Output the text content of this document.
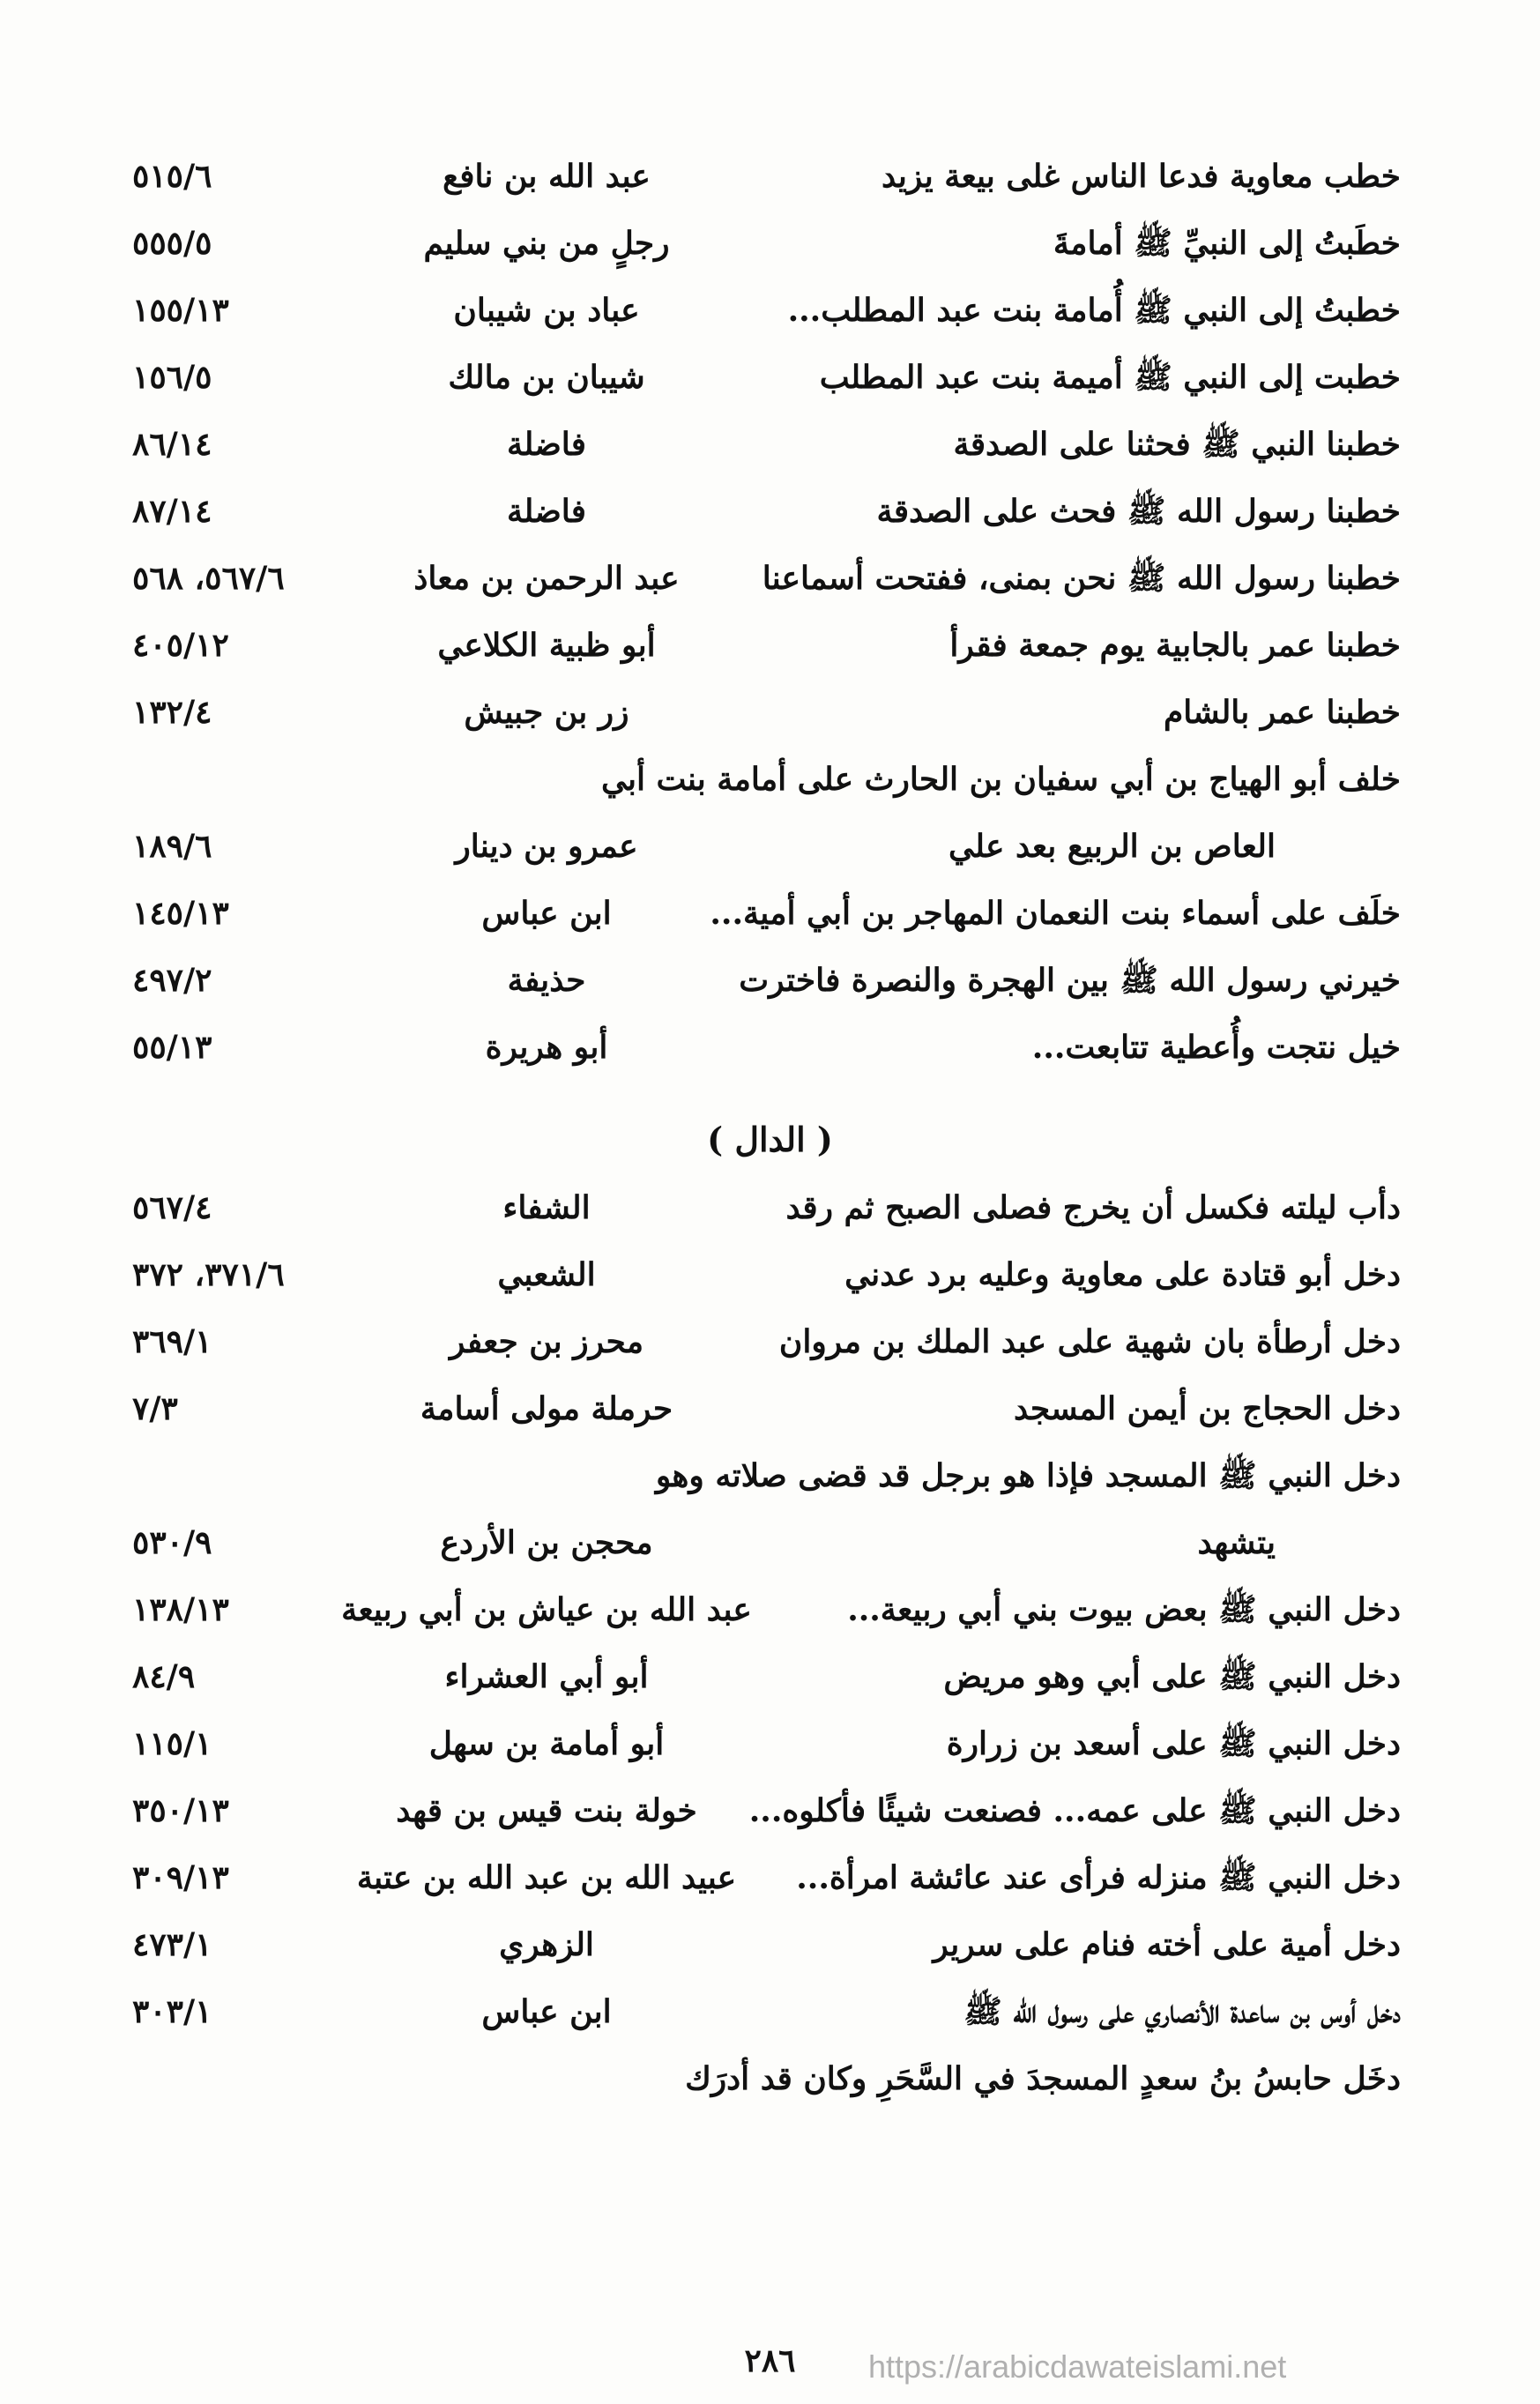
خطب معاوية فدعا الناس غلى بيعة يزيد
عبد الله بن نافع
٥١٥/٦
خطَبتُ إلى النبيِّ ﷺ أمامةَ
رجلٍ من بني سليم
٥٥٥/٥
خطبتُ إلى النبي ﷺ أُمامة بنت عبد المطلب...
عباد بن شيبان
١٥٥/١٣
خطبت إلى النبي ﷺ أميمة بنت عبد المطلب
شيبان بن مالك
١٥٦/٥
خطبنا النبي ﷺ فحثنا على الصدقة
فاضلة
٨٦/١٤
خطبنا رسول الله ﷺ فحث على الصدقة
فاضلة
٨٧/١٤
خطبنا رسول الله ﷺ نحن بمنى، ففتحت أسماعنا
عبد الرحمن بن معاذ
٥٦٧/٦، ٥٦٨
خطبنا عمر بالجابية يوم جمعة فقرأ
أبو ظبية الكلاعي
٤٠٥/١٢
خطبنا عمر بالشام
زر بن جبيش
١٣٢/٤
خلف أبو الهياج بن أبي سفيان بن الحارث على أمامة بنت أبي
العاص بن الربيع بعد علي
عمرو بن دينار
١٨٩/٦
خلَف على أسماء بنت النعمان المهاجر بن أبي أمية...
ابن عباس
١٤٥/١٣
خيرني رسول الله ﷺ بين الهجرة والنصرة فاخترت
حذيفة
٤٩٧/٢
خيل نتجت وأُعطية تتابعت...
أبو هريرة
٥٥/١٣
( الدال )
دأب ليلته فكسل أن يخرج فصلى الصبح ثم رقد
الشفاء
٥٦٧/٤
دخل أبو قتادة على معاوية وعليه برد عدني
الشعبي
٣٧١/٦، ٣٧٢
دخل أرطأة بان شهية على عبد الملك بن مروان
محرز بن جعفر
٣٦٩/١
دخل الحجاج بن أيمن المسجد
حرملة مولى أسامة
٧/٣
دخل النبي ﷺ المسجد فإذا هو برجل قد قضى صلاته وهو
يتشهد
محجن بن الأردع
٥٣٠/٩
دخل النبي ﷺ بعض بيوت بني أبي ربيعة...
عبد الله بن عياش بن أبي ربيعة
١٣٨/١٣
دخل النبي ﷺ على أبي وهو مريض
أبو أبي العشراء
٨٤/٩
دخل النبي ﷺ على أسعد بن زرارة
أبو أمامة بن سهل
١١٥/١
دخل النبي ﷺ على عمه... فصنعت شيئًا فأكلوه...
خولة بنت قيس بن قهد
٣٥٠/١٣
دخل النبي ﷺ منزله فرأى عند عائشة امرأة...
عبيد الله بن عبد الله بن عتبة
٣٠٩/١٣
دخل أمية على أخته فنام على سرير
الزهري
٤٧٣/١
دخل أوس بن ساعدة الأنصاري على رسول الله ﷺ
ابن عباس
٣٠٣/١
دخَل حابسُ بنُ سعدٍ المسجدَ في السَّحَرِ وكان قد أدرَك
٢٨٦	https://arabicdawateislami.net
